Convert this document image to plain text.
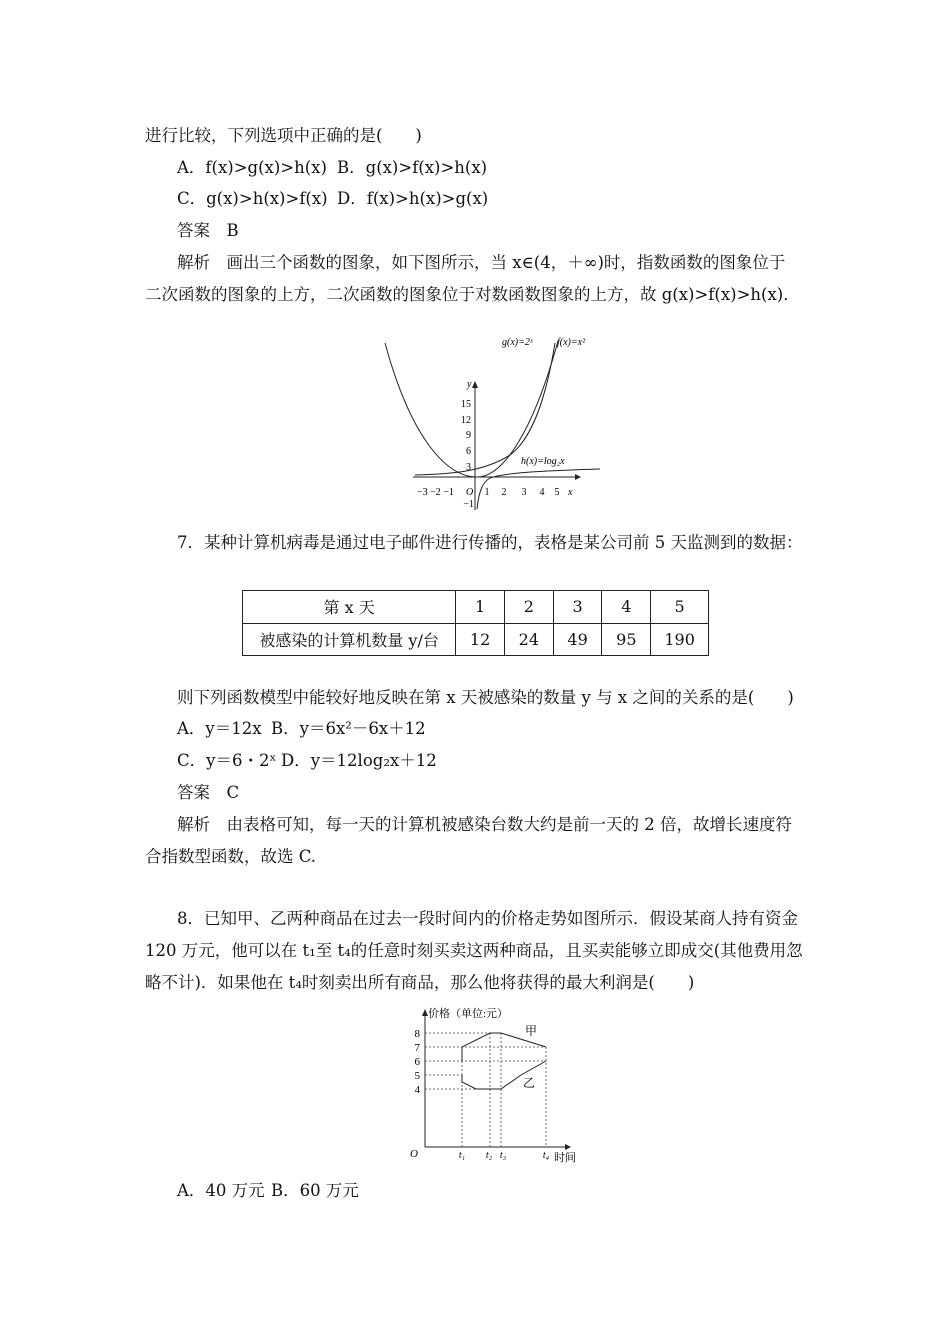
进行比较，下列选项中正确的是(　　)
A．f(x)>g(x)>h(x) B．g(x)>f(x)>h(x)
C．g(x)>h(x)>f(x) D．f(x)>h(x)>g(x)
答案　B
解析　画出三个函数的图象，如下图所示，当 x∈(4，＋∞)时，指数函数的图象位于
二次函数的图象的上方，二次函数的图象位于对数函数图象的上方，故 g(x)>f(x)>h(x)．
15
12
9
6
3
−1
y
x
−3 −2 −1 O 1 2 3 4 5
g(x)=2ˣ f(x)=x²
h(x)=log₂x
7．某种计算机病毒是通过电子邮件进行传播的，表格是某公司前 5 天监测到的数据：
第 x 天	1	2	3	4	5
被感染的计算机数量 y/台	12	24	49	95	190
则下列函数模型中能较好地反映在第 x 天被感染的数量 y 与 x 之间的关系的是(　　)
A．y＝12x B．y＝6x²－6x＋12
C．y＝6・2ˣ D．y＝12log₂x＋12
答案　C
解析　由表格可知，每一天的计算机被感染台数大约是前一天的 2 倍，故增长速度符
合指数型函数，故选 C.
8．已知甲、乙两种商品在过去一段时间内的价格走势如图所示．假设某商人持有资金
120 万元，他可以在 t₁至 t₄的任意时刻买卖这两种商品，且买卖能够立即成交(其他费用忽
略不计)．如果他在 t₄时刻卖出所有商品，那么他将获得的最大利润是(　　)
价格（单位:元）
时间
O
8
7
6
5
4
甲
乙
t₁ t₂ t₃	t₄
A．40 万元 B．60 万元
